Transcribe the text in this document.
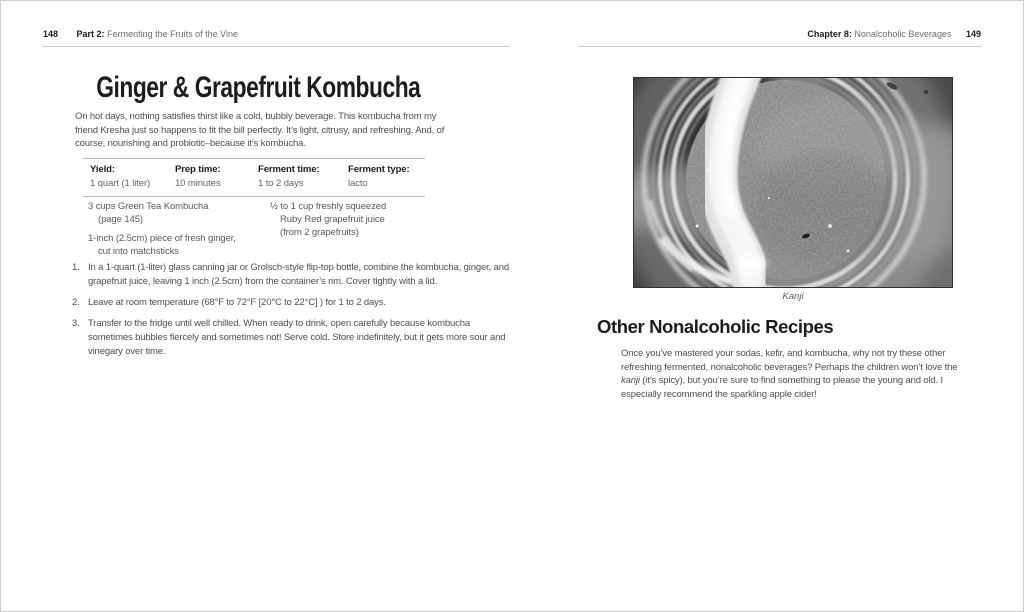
148 Part 2: Fermenting the Fruits of the Vine	Chapter 8: Nonalcoholic Beverages 149
Ginger & Grapefruit Kombucha

On hot days, nothing satisfies thirst like a cold, bubbly beverage. This kombucha from my friend Kresha just so happens to fit the bill perfectly. It’s light, citrusy, and refreshing. And, of course, nourishing and probiotic–because it’s kombucha.

Yield:
1 quart (1 liter)
Prep time:
10 minutes
Ferment time:
1 to 2 days
Ferment type:
lacto
3 cups Green Tea Kombucha
(page 145)
1-inch (2.5cm) piece of fresh ginger,
cut into matchsticks
½ to 1 cup freshly squeezed
Ruby Red grapefruit juice
(from 2 grapefruits)
1. In a 1-quart (1-liter) glass canning jar or Grolsch-style flip-top bottle, combine the kombucha, ginger, and grapefruit juice, leaving 1 inch (2.5cm) from the container’s rim. Cover tightly with a lid.
2. Leave at room temperature (68°F to 72°F [20°C to 22°C] ) for 1 to 2 days.
3. Transfer to the fridge until well chilled. When ready to drink, open carefully because kombucha sometimes bubbles fiercely and sometimes not! Serve cold. Store indefinitely, but it gets more sour and vinegary over time.
Kanji
Other Nonalcoholic Recipes

Once you’ve mastered your sodas, kefir, and kombucha, why not try these other refreshing fermented, nonalcoholic beverages? Perhaps the children won’t love the kanji (it’s spicy), but you’re sure to find something to please the young and old. I especially recommend the sparkling apple cider!
